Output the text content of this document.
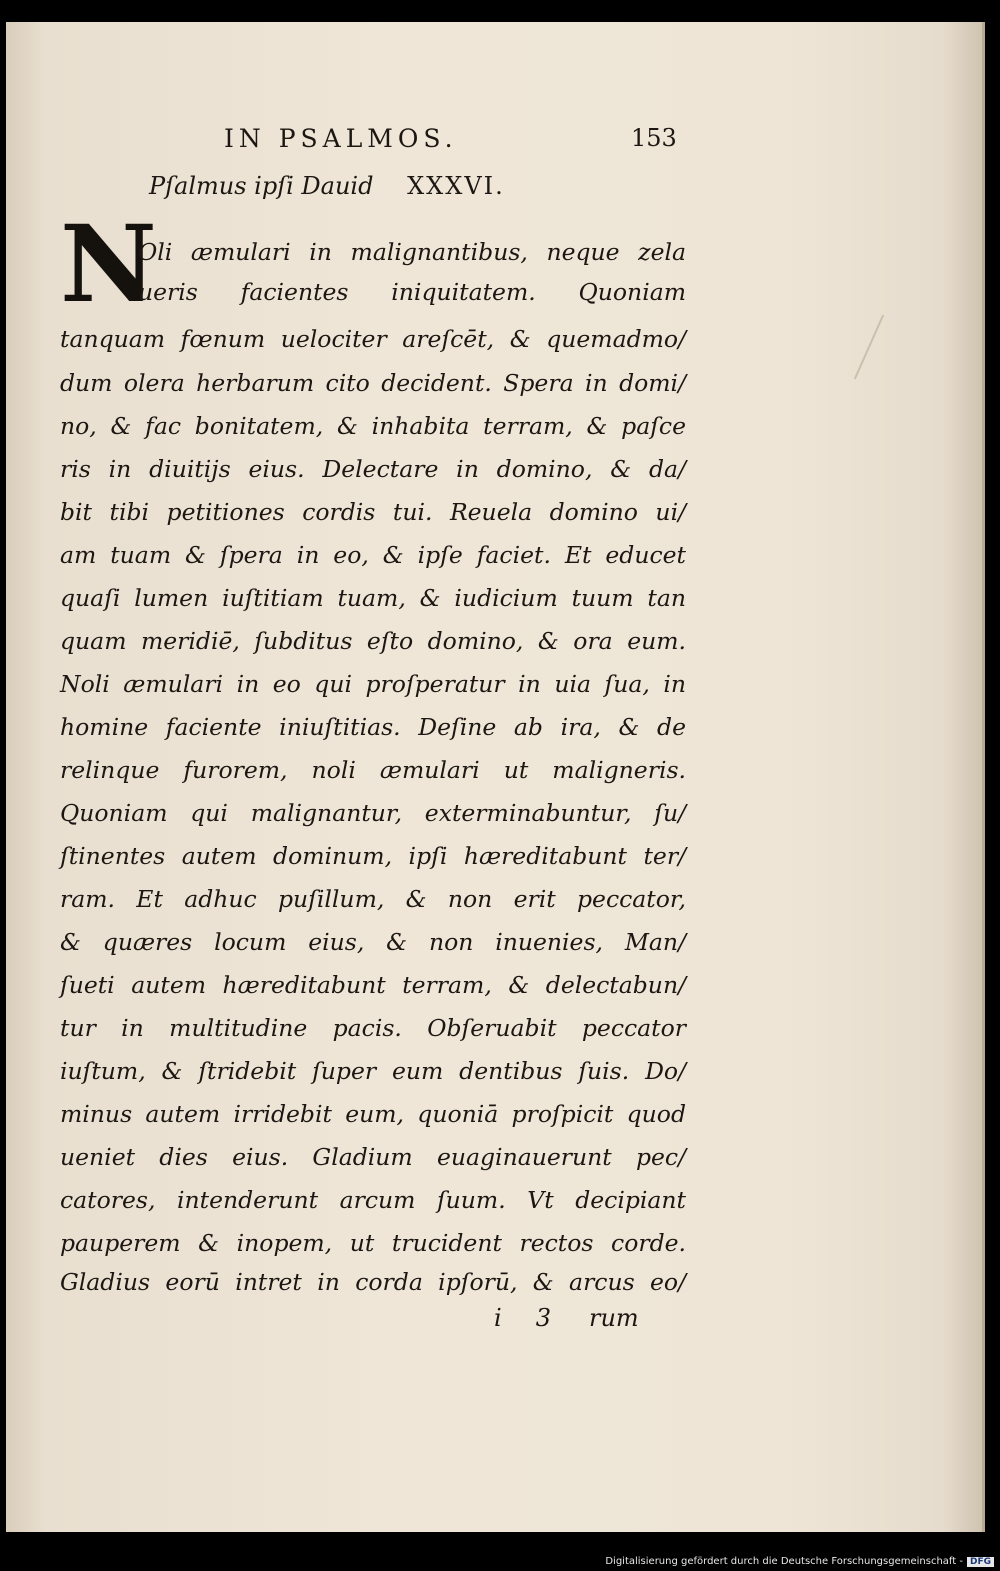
IN PSALMOS.	153
Pſalmus ipſi Dauid XXXVI.
N
Oli æmulari in malignantibus, neque zela
ueris facientes iniquitatem. Quoniam
tanquam fœnum uelociter areſcēt, & quemadmo/
dum olera herbarum cito decident. Spera in domi/
no, & fac bonitatem, & inhabita terram, & paſce
ris in diuitijs eius. Delectare in domino, & da/
bit tibi petitiones cordis tui. Reuela domino ui/
am tuam & ſpera in eo, & ipſe faciet. Et educet
quaſi lumen iuſtitiam tuam, & iudicium tuum tan
quam meridiē, ſubditus eſto domino, & ora eum.
Noli æmulari in eo qui proſperatur in uia ſua, in
homine faciente iniuſtitias. Deſine ab ira, & de
relinque furorem, noli æmulari ut maligneris.
Quoniam qui malignantur, exterminabuntur, ſu/
ſtinentes autem dominum, ipſi hæreditabunt ter/
ram. Et adhuc puſillum, & non erit peccator,
& quæres locum eius, & non inuenies, Man/
ſueti autem hæreditabunt terram, & delectabun/
tur in multitudine pacis. Obſeruabit peccator
iuſtum, & ſtridebit ſuper eum dentibus ſuis. Do/
minus autem irridebit eum, quoniā proſpicit quod
ueniet dies eius. Gladium euaginauerunt pec/
catores, intenderunt arcum ſuum. Vt decipiant
pauperem & inopem, ut trucident rectos corde.
Gladius eorū intret in corda ipſorū, & arcus eo/
i 3 rum
Digitalisierung gefördert durch die Deutsche Forschungsgemeinschaft - DFG
